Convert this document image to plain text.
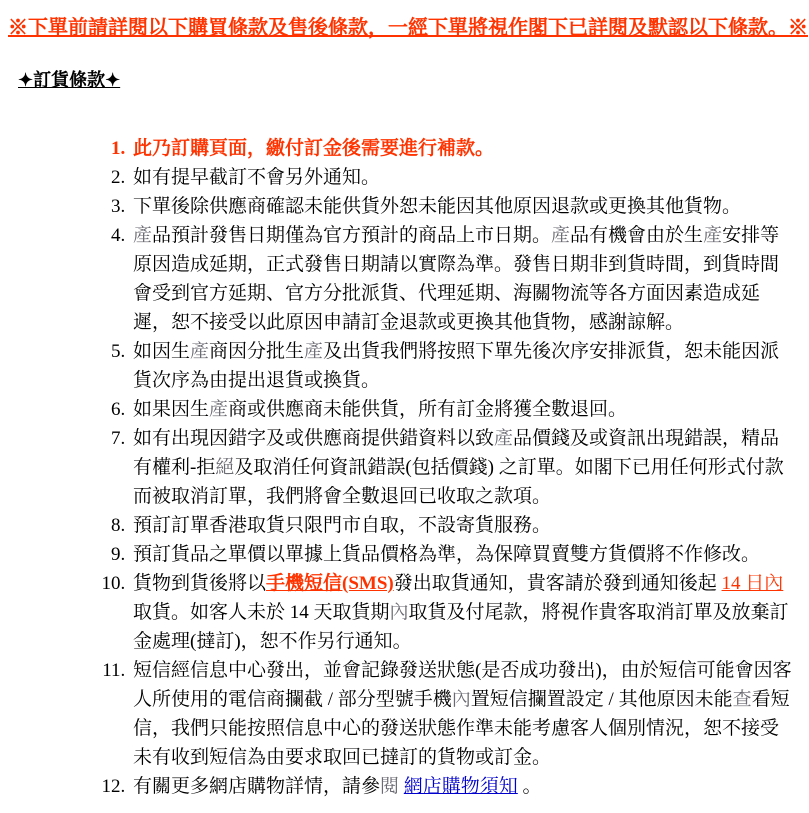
※下單前請詳閱以下購買條款及售後條款，一經下單將視作閣下已詳閱及默認以下條款。※
✦訂貨條款✦
1. 此乃訂購頁面，繳付訂金後需要進行補款。
2. 如有提早截訂不會另外通知。
3. 下單後除供應商確認未能供貨外恕未能因其他原因退款或更換其他貨物。
4. 產品預計發售日期僅為官方預計的商品上市日期。產品有機會由於生產安排等原因造成延期，正式發售日期請以實際為準。發售日期非到貨時間，到貨時間會受到官方延期、官方分批派貨、代理延期、海關物流等各方面因素造成延遲，恕不接受以此原因申請訂金退款或更換其他貨物，感謝諒解。
5. 如因生產商因分批生產及出貨我們將按照下單先後次序安排派貨，恕未能因派貨次序為由提出退貨或換貨。
6. 如果因生產商或供應商未能供貨，所有訂金將獲全數退回。
7. 如有出現因錯字及或供應商提供錯資料以致產品價錢及或資訊出現錯誤，精品有權利-拒絕及取消任何資訊錯誤(包括價錢) 之訂單。如閣下已用任何形式付款而被取消訂單，我們將會全數退回已收取之款項。
8. 預訂訂單香港取貨只限門市自取，不設寄貨服務。
9. 預訂貨品之單價以單據上貨品價格為準，為保障買賣雙方貨價將不作修改。
10. 貨物到貨後將以手機短信(SMS)發出取貨通知，貴客請於發到通知後起 14 日內取貨。如客人未於 14 天取貨期內取貨及付尾款，將視作貴客取消訂單及放棄訂金處理(撻訂)，恕不作另行通知。
11. 短信經信息中心發出，並會記錄發送狀態(是否成功發出)，由於短信可能會因客人所使用的電信商攔截 / 部分型號手機內置短信攔置設定 / 其他原因未能查看短信，我們只能按照信息中心的發送狀態作準未能考慮客人個別情況，恕不接受未有收到短信為由要求取回已撻訂的貨物或訂金。
12. 有關更多網店購物詳情，請參閱 網店購物須知 。
